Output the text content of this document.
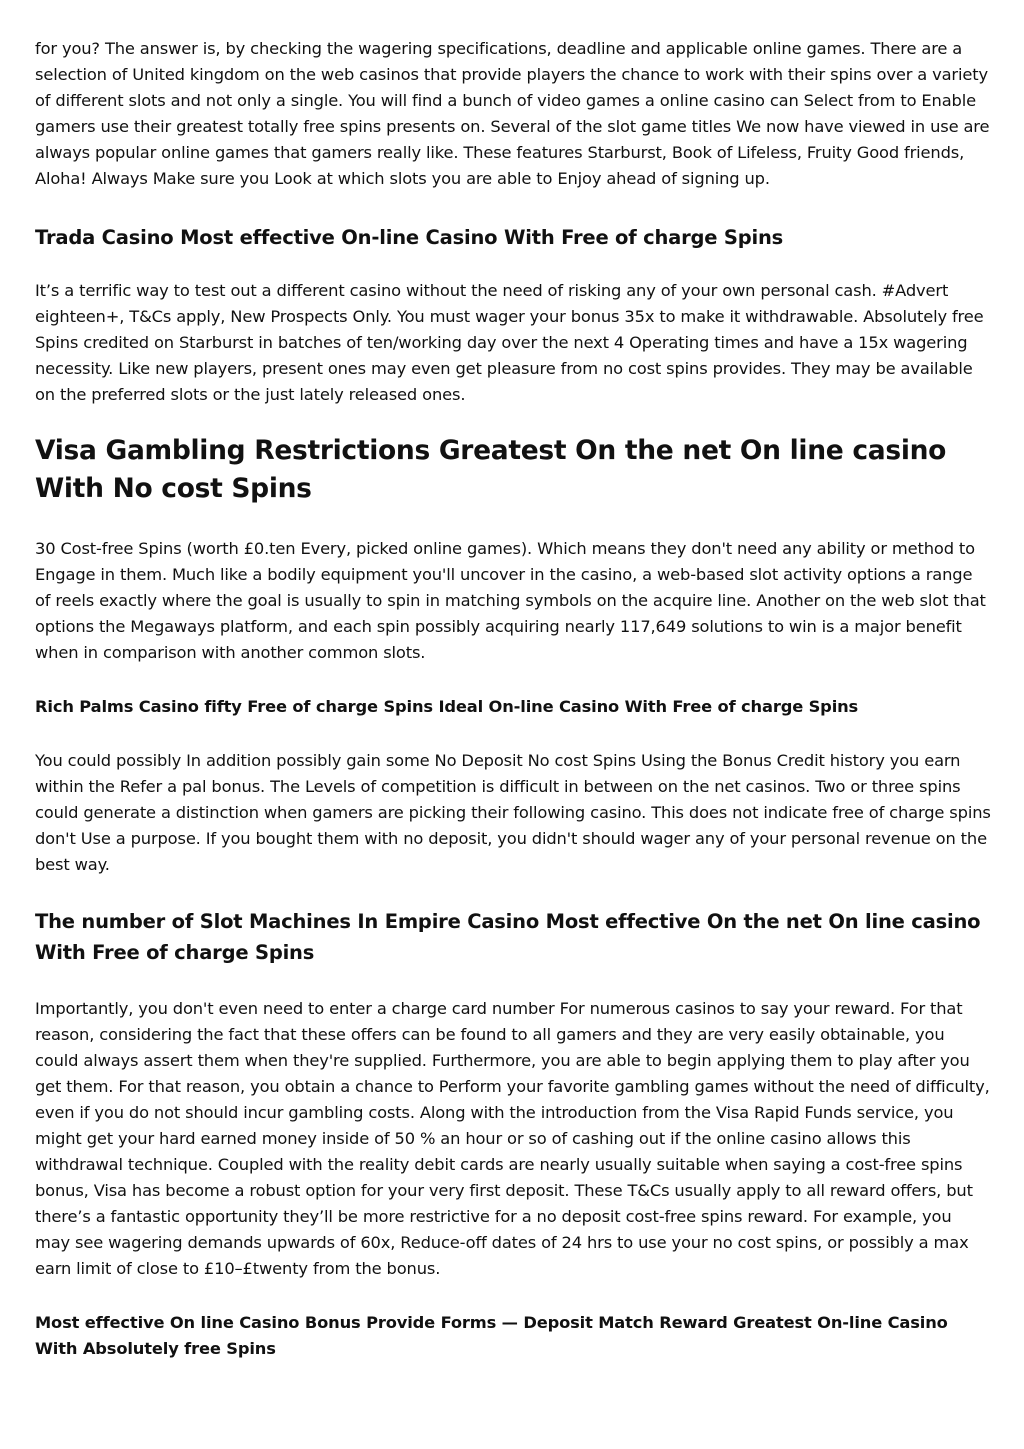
for you? The answer is, by checking the wagering specifications, deadline and applicable online games. There are a selection of United kingdom on the web casinos that provide players the chance to work with their spins over a variety of different slots and not only a single. You will find a bunch of video games a online casino can Select from to Enable gamers use their greatest totally free spins presents on. Several of the slot game titles We now have viewed in use are always popular online games that gamers really like. These features Starburst, Book of Lifeless, Fruity Good friends, Aloha! Always Make sure you Look at which slots you are able to Enjoy ahead of signing up.

Trada Casino Most effective On-line Casino With Free of charge Spins

It’s a terrific way to test out a different casino without the need of risking any of your own personal cash. #Advert eighteen+, T&Cs apply, New Prospects Only. You must wager your bonus 35x to make it withdrawable. Absolutely free Spins credited on Starburst in batches of ten/working day over the next 4 Operating times and have a 15x wagering necessity. Like new players, present ones may even get pleasure from no cost spins provides. They may be available on the preferred slots or the just lately released ones.

Visa Gambling Restrictions Greatest On the net On line casino With No cost Spins

30 Cost-free Spins (worth £0.ten Every, picked online games). Which means they don't need any ability or method to Engage in them. Much like a bodily equipment you'll uncover in the casino, a web-based slot activity options a range of reels exactly where the goal is usually to spin in matching symbols on the acquire line. Another on the web slot that options the Megaways platform, and each spin possibly acquiring nearly 117,649 solutions to win is a major benefit when in comparison with another common slots.

Rich Palms Casino fifty Free of charge Spins Ideal On-line Casino With Free of charge Spins

You could possibly In addition possibly gain some No Deposit No cost Spins Using the Bonus Credit history you earn within the Refer a pal bonus. The Levels of competition is difficult in between on the net casinos. Two or three spins could generate a distinction when gamers are picking their following casino. This does not indicate free of charge spins don't Use a purpose. If you bought them with no deposit, you didn't should wager any of your personal revenue on the best way.

The number of Slot Machines In Empire Casino Most effective On the net On line casino With Free of charge Spins

Importantly, you don't even need to enter a charge card number For numerous casinos to say your reward. For that reason, considering the fact that these offers can be found to all gamers and they are very easily obtainable, you could always assert them when they're supplied. Furthermore, you are able to begin applying them to play after you get them. For that reason, you obtain a chance to Perform your favorite gambling games without the need of difficulty, even if you do not should incur gambling costs. Along with the introduction from the Visa Rapid Funds service, you might get your hard earned money inside of 50 % an hour or so of cashing out if the online casino allows this withdrawal technique. Coupled with the reality debit cards are nearly usually suitable when saying a cost-free spins bonus, Visa has become a robust option for your very first deposit. These T&Cs usually apply to all reward offers, but there’s a fantastic opportunity they’ll be more restrictive for a no deposit cost-free spins reward. For example, you may see wagering demands upwards of 60x, Reduce-off dates of 24 hrs to use your no cost spins, or possibly a max earn limit of close to £10–£twenty from the bonus.

Most effective On line Casino Bonus Provide Forms — Deposit Match Reward Greatest On-line Casino With Absolutely free Spins
